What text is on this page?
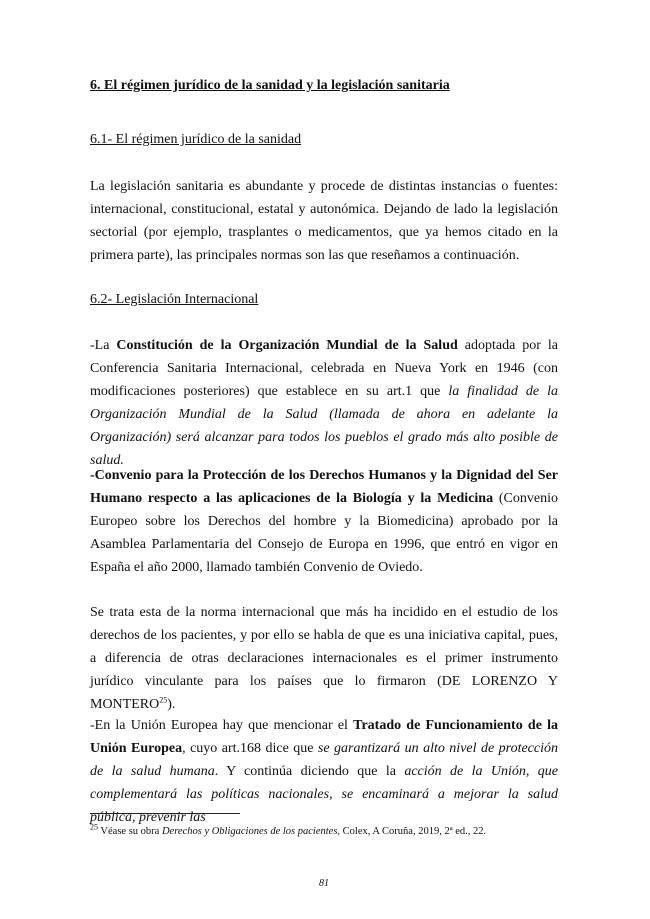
6. El régimen jurídico de la sanidad y la legislación sanitaria
6.1- El régimen jurídico de la sanidad
La legislación sanitaria es abundante y procede de distintas instancias o fuentes: internacional, constitucional, estatal y autonómica. Dejando de lado la legislación sectorial (por ejemplo, trasplantes o medicamentos, que ya hemos citado en la primera parte), las principales normas son las que reseñamos a continuación.
6.2- Legislación Internacional
-La Constitución de la Organización Mundial de la Salud adoptada por la Conferencia Sanitaria Internacional, celebrada en Nueva York en 1946 (con modificaciones posteriores) que establece en su art.1 que la finalidad de la Organización Mundial de la Salud (llamada de ahora en adelante la Organización) será alcanzar para todos los pueblos el grado más alto posible de salud.
-Convenio para la Protección de los Derechos Humanos y la Dignidad del Ser Humano respecto a las aplicaciones de la Biología y la Medicina (Convenio Europeo sobre los Derechos del hombre y la Biomedicina) aprobado por la Asamblea Parlamentaria del Consejo de Europa en 1996, que entró en vigor en España el año 2000, llamado también Convenio de Oviedo.
Se trata esta de la norma internacional que más ha incidido en el estudio de los derechos de los pacientes, y por ello se habla de que es una iniciativa capital, pues, a diferencia de otras declaraciones internacionales es el primer instrumento jurídico vinculante para los países que lo firmaron (DE LORENZO Y MONTERO$^{25}$).
-En la Unión Europea hay que mencionar el Tratado de Funcionamiento de la Unión Europea, cuyo art.168 dice que se garantizará un alto nivel de protección de la salud humana. Y continúa diciendo que la acción de la Unión, que complementará las políticas nacionales, se encaminará a mejorar la salud pública, prevenir las
$^{25}$ Véase su obra Derechos y Obligaciones de los pacientes, Colex, A Coruña, 2019, 2ª ed., 22.
81
